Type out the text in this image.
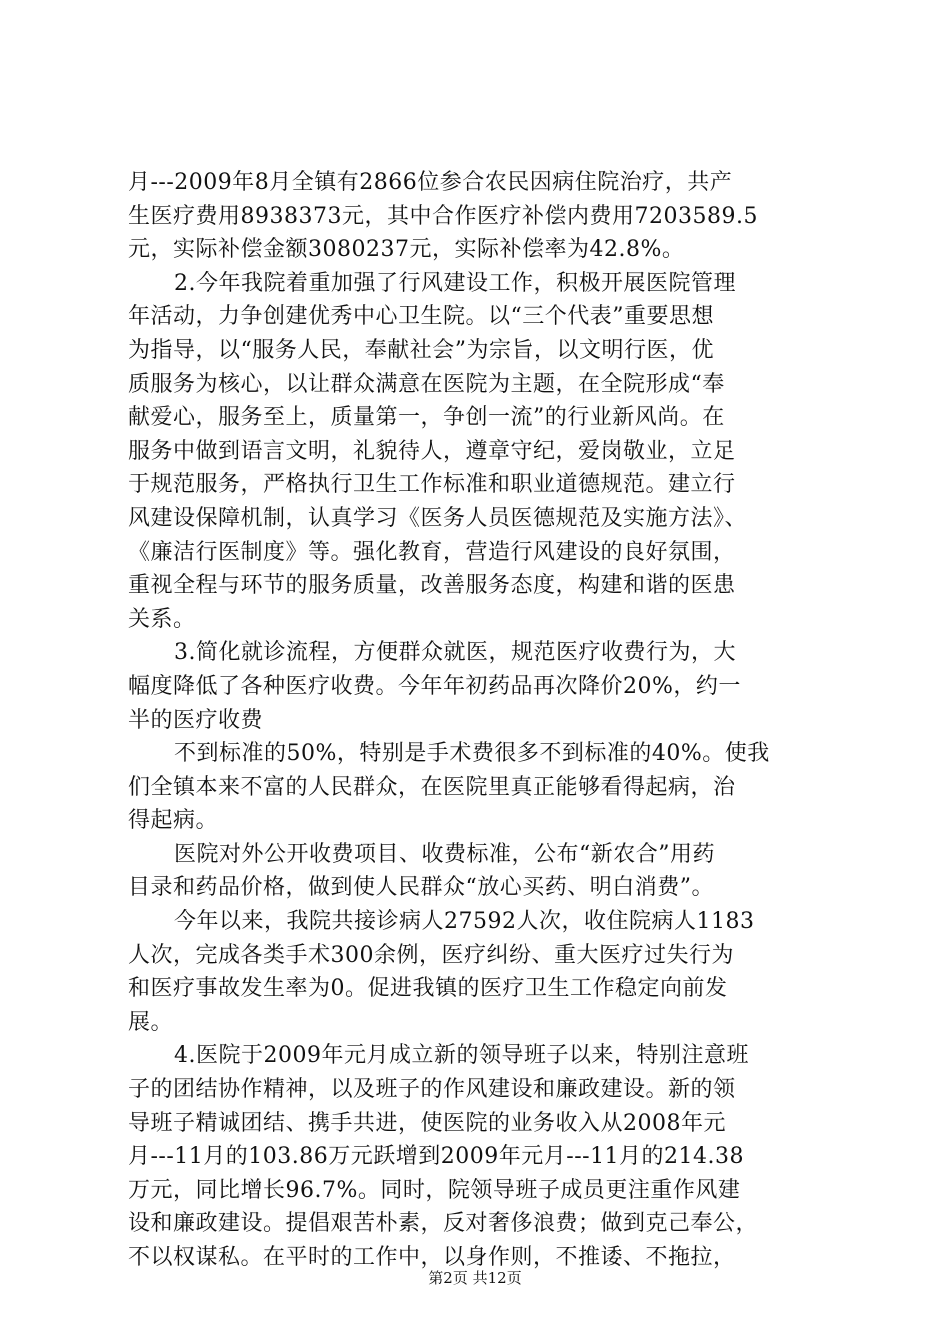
月---2009年8月全镇有2866位参合农民因病住院治疗，共产
生医疗费用8938373元，其中合作医疗补偿内费用7203589.5
元，实际补偿金额3080237元，实际补偿率为42.8%。
2.今年我院着重加强了行风建设工作，积极开展医院管理
年活动，力争创建优秀中心卫生院。以“三个代表”重要思想
为指导，以“服务人民，奉献社会”为宗旨，以文明行医，优
质服务为核心，以让群众满意在医院为主题，在全院形成“奉
献爱心，服务至上，质量第一，争创一流”的行业新风尚。在
服务中做到语言文明，礼貌待人，遵章守纪，爱岗敬业，立足
于规范服务，严格执行卫生工作标准和职业道德规范。建立行
风建设保障机制，认真学习《医务人员医德规范及实施方法》、
《廉洁行医制度》等。强化教育，营造行风建设的良好氛围，
重视全程与环节的服务质量，改善服务态度，构建和谐的医患
关系。
3.简化就诊流程，方便群众就医，规范医疗收费行为，大
幅度降低了各种医疗收费。今年年初药品再次降价20%，约一
半的医疗收费
不到标准的50%，特别是手术费很多不到标准的40%。使我
们全镇本来不富的人民群众，在医院里真正能够看得起病，治
得起病。
医院对外公开收费项目、收费标准，公布“新农合”用药
目录和药品价格，做到使人民群众“放心买药、明白消费”。
今年以来，我院共接诊病人27592人次，收住院病人1183
人次，完成各类手术300余例，医疗纠纷、重大医疗过失行为
和医疗事故发生率为0。促进我镇的医疗卫生工作稳定向前发
展。
4.医院于2009年元月成立新的领导班子以来，特别注意班
子的团结协作精神，以及班子的作风建设和廉政建设。新的领
导班子精诚团结、携手共进，使医院的业务收入从2008年元
月---11月的103.86万元跃增到2009年元月---11月的214.38
万元，同比增长96.7%。同时，院领导班子成员更注重作风建
设和廉政建设。提倡艰苦朴素，反对奢侈浪费；做到克己奉公，
不以权谋私。在平时的工作中，以身作则，不推诿、不拖拉，
第2页 共12页
